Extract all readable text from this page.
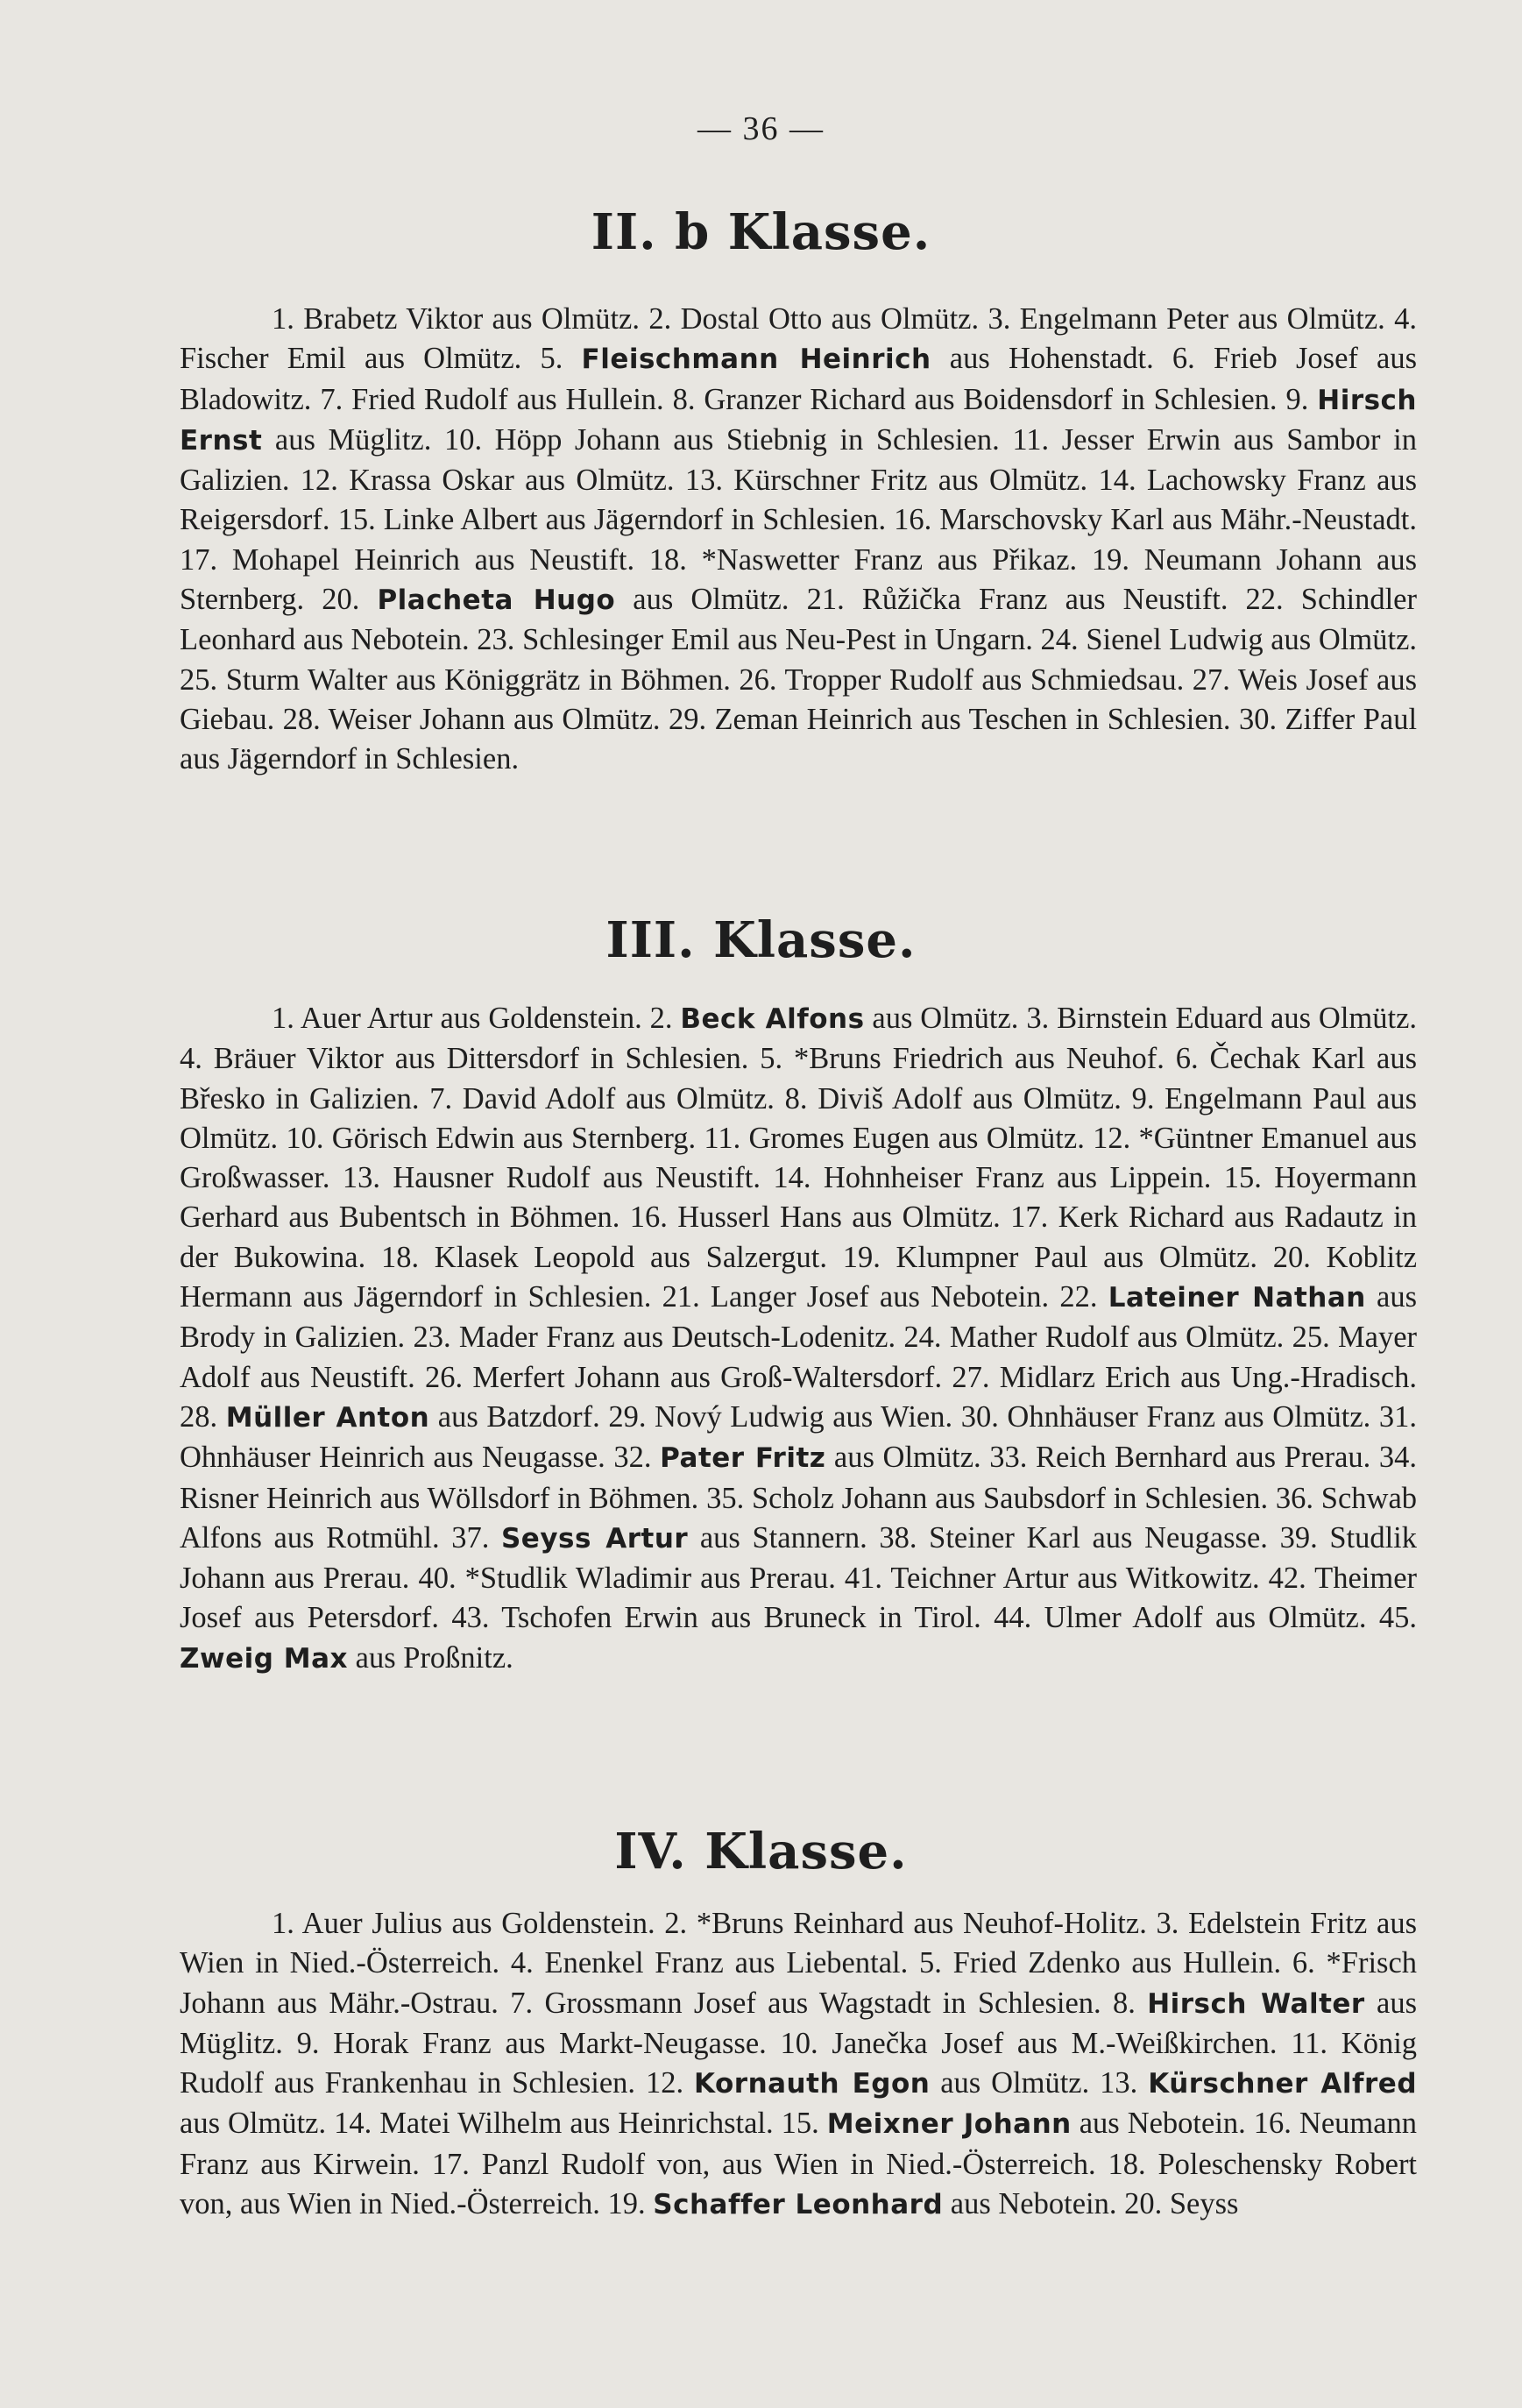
— 36 —
II. b Klasse.
1. Brabetz Viktor aus Olmütz. 2. Dostal Otto aus Olmütz. 3. Engelmann Peter aus Olmütz. 4. Fischer Emil aus Olmütz. 5. Fleischmann Heinrich aus Hohenstadt. 6. Frieb Josef aus Bladowitz. 7. Fried Rudolf aus Hullein. 8. Granzer Richard aus Boidensdorf in Schlesien. 9. Hirsch Ernst aus Müglitz. 10. Höpp Johann aus Stiebnig in Schlesien. 11. Jesser Erwin aus Sambor in Galizien. 12. Krassa Oskar aus Olmütz. 13. Kürschner Fritz aus Olmütz. 14. Lachowsky Franz aus Reigersdorf. 15. Linke Albert aus Jägerndorf in Schlesien. 16. Marschovsky Karl aus Mähr.-Neustadt. 17. Mohapel Heinrich aus Neustift. 18. *Naswetter Franz aus Přikaz. 19. Neumann Johann aus Sternberg. 20. Placheta Hugo aus Olmütz. 21. Růžička Franz aus Neustift. 22. Schindler Leonhard aus Nebotein. 23. Schlesinger Emil aus Neu-Pest in Ungarn. 24. Sienel Ludwig aus Olmütz. 25. Sturm Walter aus Königgrätz in Böhmen. 26. Tropper Rudolf aus Schmiedsau. 27. Weis Josef aus Giebau. 28. Weiser Johann aus Olmütz. 29. Zeman Heinrich aus Teschen in Schlesien. 30. Ziffer Paul aus Jägerndorf in Schlesien.
III. Klasse.
1. Auer Artur aus Goldenstein. 2. Beck Alfons aus Olmütz. 3. Birnstein Eduard aus Olmütz. 4. Bräuer Viktor aus Dittersdorf in Schlesien. 5. *Bruns Friedrich aus Neuhof. 6. Čechak Karl aus Břesko in Galizien. 7. David Adolf aus Olmütz. 8. Diviš Adolf aus Olmütz. 9. Engelmann Paul aus Olmütz. 10. Görisch Edwin aus Sternberg. 11. Gromes Eugen aus Olmütz. 12. *Güntner Emanuel aus Großwasser. 13. Hausner Rudolf aus Neustift. 14. Hohnheiser Franz aus Lippein. 15. Hoyermann Gerhard aus Bubentsch in Böhmen. 16. Husserl Hans aus Olmütz. 17. Kerk Richard aus Radautz in der Bukowina. 18. Klasek Leopold aus Salzergut. 19. Klumpner Paul aus Olmütz. 20. Koblitz Hermann aus Jägerndorf in Schlesien. 21. Langer Josef aus Nebotein. 22. Lateiner Nathan aus Brody in Galizien. 23. Mader Franz aus Deutsch-Lodenitz. 24. Mather Rudolf aus Olmütz. 25. Mayer Adolf aus Neustift. 26. Merfert Johann aus Groß-Waltersdorf. 27. Midlarz Erich aus Ung.-Hradisch. 28. Müller Anton aus Batzdorf. 29. Nový Ludwig aus Wien. 30. Ohnhäuser Franz aus Olmütz. 31. Ohnhäuser Heinrich aus Neugasse. 32. Pater Fritz aus Olmütz. 33. Reich Bernhard aus Prerau. 34. Risner Heinrich aus Wöllsdorf in Böhmen. 35. Scholz Johann aus Saubsdorf in Schlesien. 36. Schwab Alfons aus Rotmühl. 37. Seyss Artur aus Stannern. 38. Steiner Karl aus Neugasse. 39. Studlik Johann aus Prerau. 40. *Studlik Wladimir aus Prerau. 41. Teichner Artur aus Witkowitz. 42. Theimer Josef aus Petersdorf. 43. Tschofen Erwin aus Bruneck in Tirol. 44. Ulmer Adolf aus Olmütz. 45. Zweig Max aus Proßnitz.
IV. Klasse.
1. Auer Julius aus Goldenstein. 2. *Bruns Reinhard aus Neuhof-Holitz. 3. Edelstein Fritz aus Wien in Nied.-Österreich. 4. Enenkel Franz aus Liebental. 5. Fried Zdenko aus Hullein. 6. *Frisch Johann aus Mähr.-Ostrau. 7. Grossmann Josef aus Wagstadt in Schlesien. 8. Hirsch Walter aus Müglitz. 9. Horak Franz aus Markt-Neugasse. 10. Janečka Josef aus M.-Weißkirchen. 11. König Rudolf aus Frankenhau in Schlesien. 12. Kornauth Egon aus Olmütz. 13. Kürschner Alfred aus Olmütz. 14. Matei Wilhelm aus Heinrichstal. 15. Meixner Johann aus Nebotein. 16. Neumann Franz aus Kirwein. 17. Panzl Rudolf von, aus Wien in Nied.-Österreich. 18. Poleschensky Robert von, aus Wien in Nied.-Österreich. 19. Schaffer Leonhard aus Nebotein. 20. Seyss
